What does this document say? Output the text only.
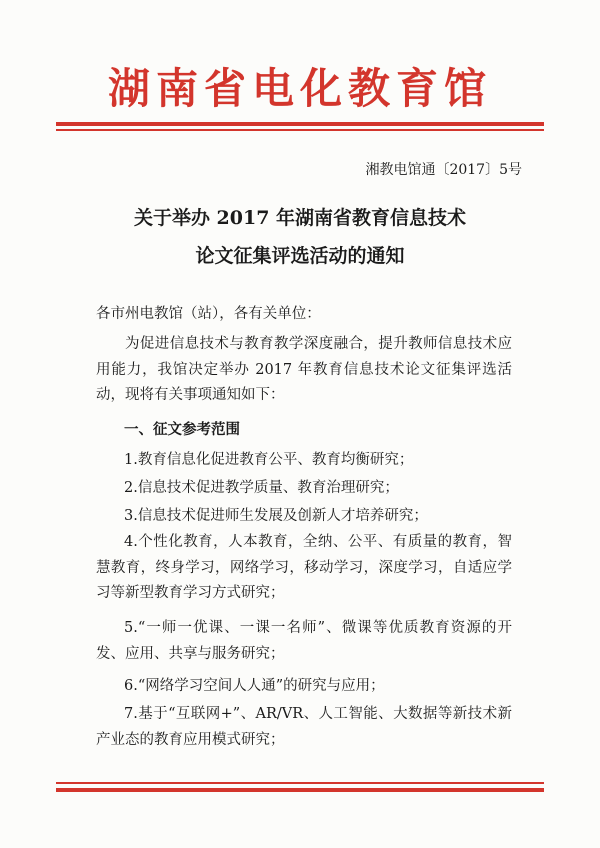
湖南省电化教育馆
湘教电馆通〔2017〕5号
关于举办 2017 年湖南省教育信息技术
论文征集评选活动的通知
各市州电教馆（站），各有关单位：
为促进信息技术与教育教学深度融合，提升教师信息技术应用能力，我馆决定举办 2017 年教育信息技术论文征集评选活动，现将有关事项通知如下：
一、征文参考范围
1.教育信息化促进教育公平、教育均衡研究；
2.信息技术促进教学质量、教育治理研究；
3.信息技术促进师生发展及创新人才培养研究；
4.个性化教育，人本教育，全纳、公平、有质量的教育，智慧教育，终身学习，网络学习，移动学习，深度学习，自适应学习等新型教育学习方式研究；
5.“一师一优课、一课一名师”、微课等优质教育资源的开发、应用、共享与服务研究；
6.“网络学习空间人人通”的研究与应用；
7.基于“互联网+”、AR/VR、人工智能、大数据等新技术新产业态的教育应用模式研究；
